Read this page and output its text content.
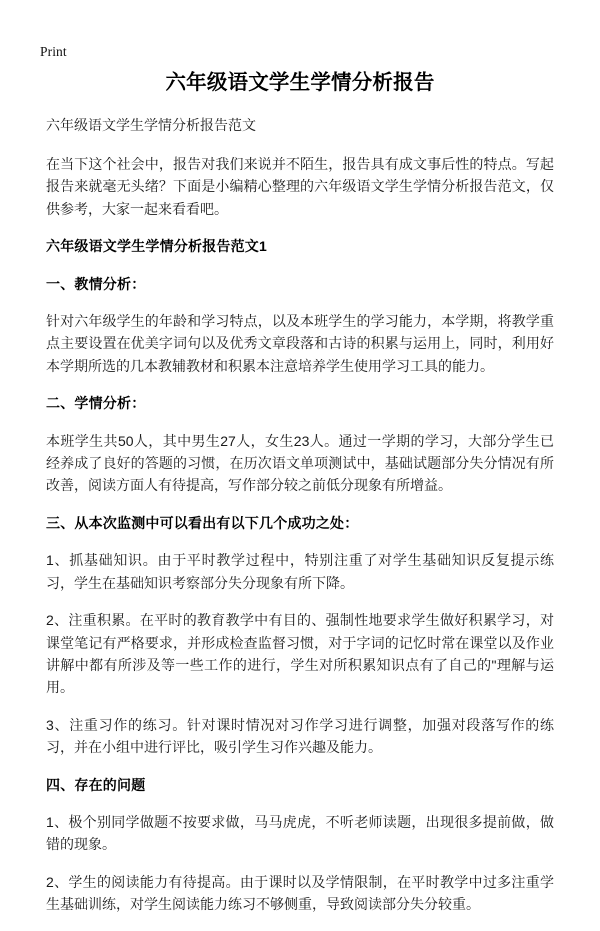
Print
六年级语文学生学情分析报告
六年级语文学生学情分析报告范文

在当下这个社会中，报告对我们来说并不陌生，报告具有成文事后性的特点。写起报告来就毫无头绪？下面是小编精心整理的六年级语文学生学情分析报告范文，仅供参考，大家一起来看看吧。

六年级语文学生学情分析报告范文1
一、教情分析：

针对六年级学生的年龄和学习特点，以及本班学生的学习能力，本学期，将教学重点主要设置在优美字词句以及优秀文章段落和古诗的积累与运用上，同时，利用好本学期所选的几本教辅教材和积累本注意培养学生使用学习工具的能力。

二、学情分析：

本班学生共50人，其中男生27人，女生23人。通过一学期的学习，大部分学生已经养成了良好的答题的习惯，在历次语文单项测试中，基础试题部分失分情况有所改善，阅读方面人有待提高，写作部分较之前低分现象有所增益。

三、从本次监测中可以看出有以下几个成功之处：

1、抓基础知识。由于平时教学过程中，特别注重了对学生基础知识反复提示练习，学生在基础知识考察部分失分现象有所下降。

2、注重积累。在平时的教育教学中有目的、强制性地要求学生做好积累学习，对课堂笔记有严格要求，并形成检查监督习惯，对于字词的记忆时常在课堂以及作业讲解中都有所涉及等一些工作的进行，学生对所积累知识点有了自己的"理解与运用。

3、注重习作的练习。针对课时情况对习作学习进行调整，加强对段落写作的练习，并在小组中进行评比，吸引学生习作兴趣及能力。

四、存在的问题

1、极个别同学做题不按要求做，马马虎虎，不听老师读题，出现很多提前做，做错的现象。

2、学生的阅读能力有待提高。由于课时以及学情限制，在平时教学中过多注重学生基础训练，对学生阅读能力练习不够侧重，导致阅读部分失分较重。
